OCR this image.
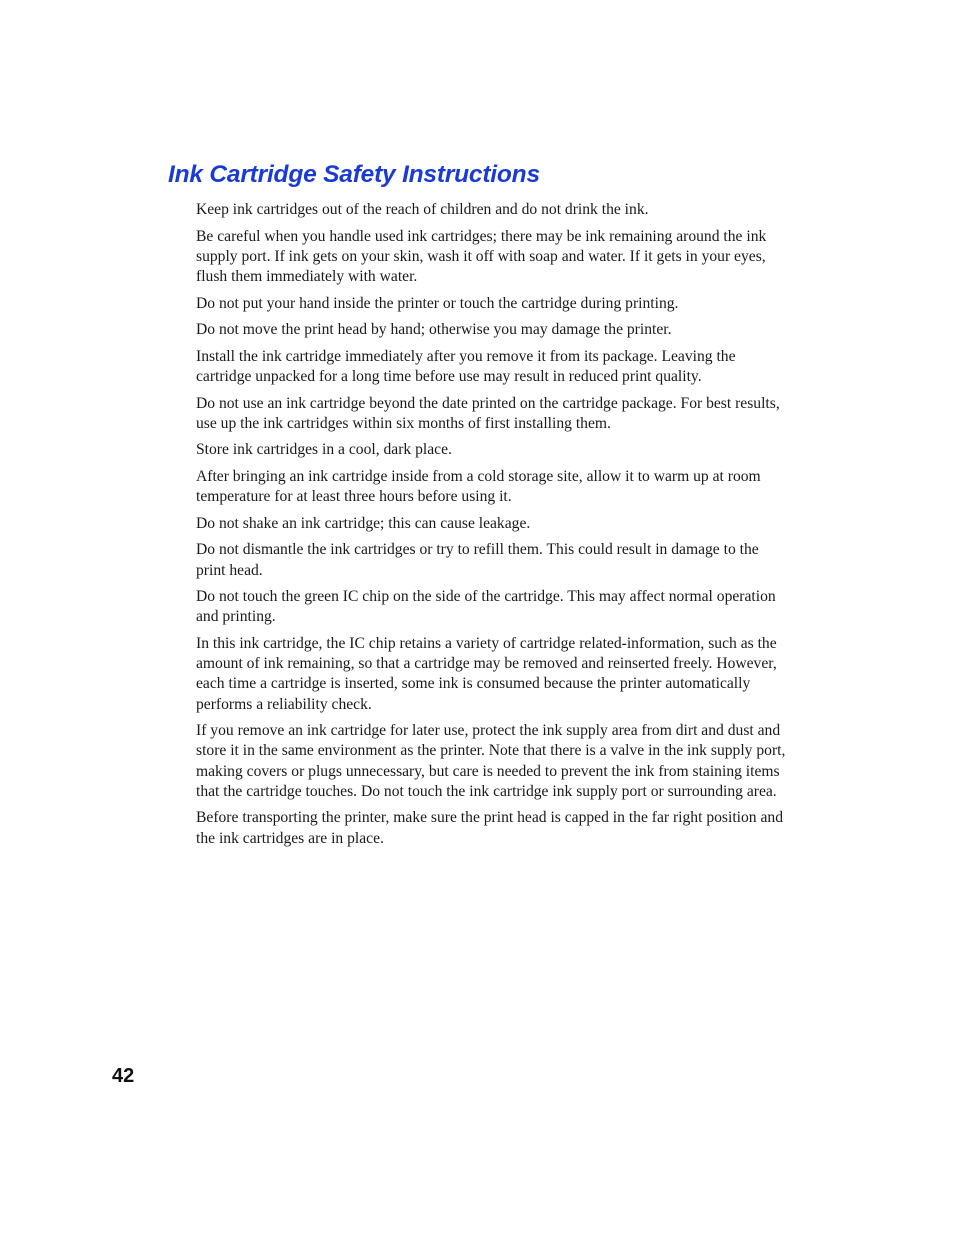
Ink Cartridge Safety Instructions

Keep ink cartridges out of the reach of children and do not drink the ink.

Be careful when you handle used ink cartridges; there may be ink remaining around the ink supply port. If ink gets on your skin, wash it off with soap and water. If it gets in your eyes, flush them immediately with water.

Do not put your hand inside the printer or touch the cartridge during printing.

Do not move the print head by hand; otherwise you may damage the printer.

Install the ink cartridge immediately after you remove it from its package. Leaving the cartridge unpacked for a long time before use may result in reduced print quality.

Do not use an ink cartridge beyond the date printed on the cartridge package. For best results, use up the ink cartridges within six months of first installing them.

Store ink cartridges in a cool, dark place.

After bringing an ink cartridge inside from a cold storage site, allow it to warm up at room temperature for at least three hours before using it.

Do not shake an ink cartridge; this can cause leakage.

Do not dismantle the ink cartridges or try to refill them. This could result in damage to the print head.

Do not touch the green IC chip on the side of the cartridge. This may affect normal operation and printing.

In this ink cartridge, the IC chip retains a variety of cartridge related-information, such as the amount of ink remaining, so that a cartridge may be removed and reinserted freely. However, each time a cartridge is inserted, some ink is consumed because the printer automatically performs a reliability check.

If you remove an ink cartridge for later use, protect the ink supply area from dirt and dust and store it in the same environment as the printer. Note that there is a valve in the ink supply port, making covers or plugs unnecessary, but care is needed to prevent the ink from staining items that the cartridge touches. Do not touch the ink cartridge ink supply port or surrounding area.

Before transporting the printer, make sure the print head is capped in the far right position and the ink cartridges are in place.

42
